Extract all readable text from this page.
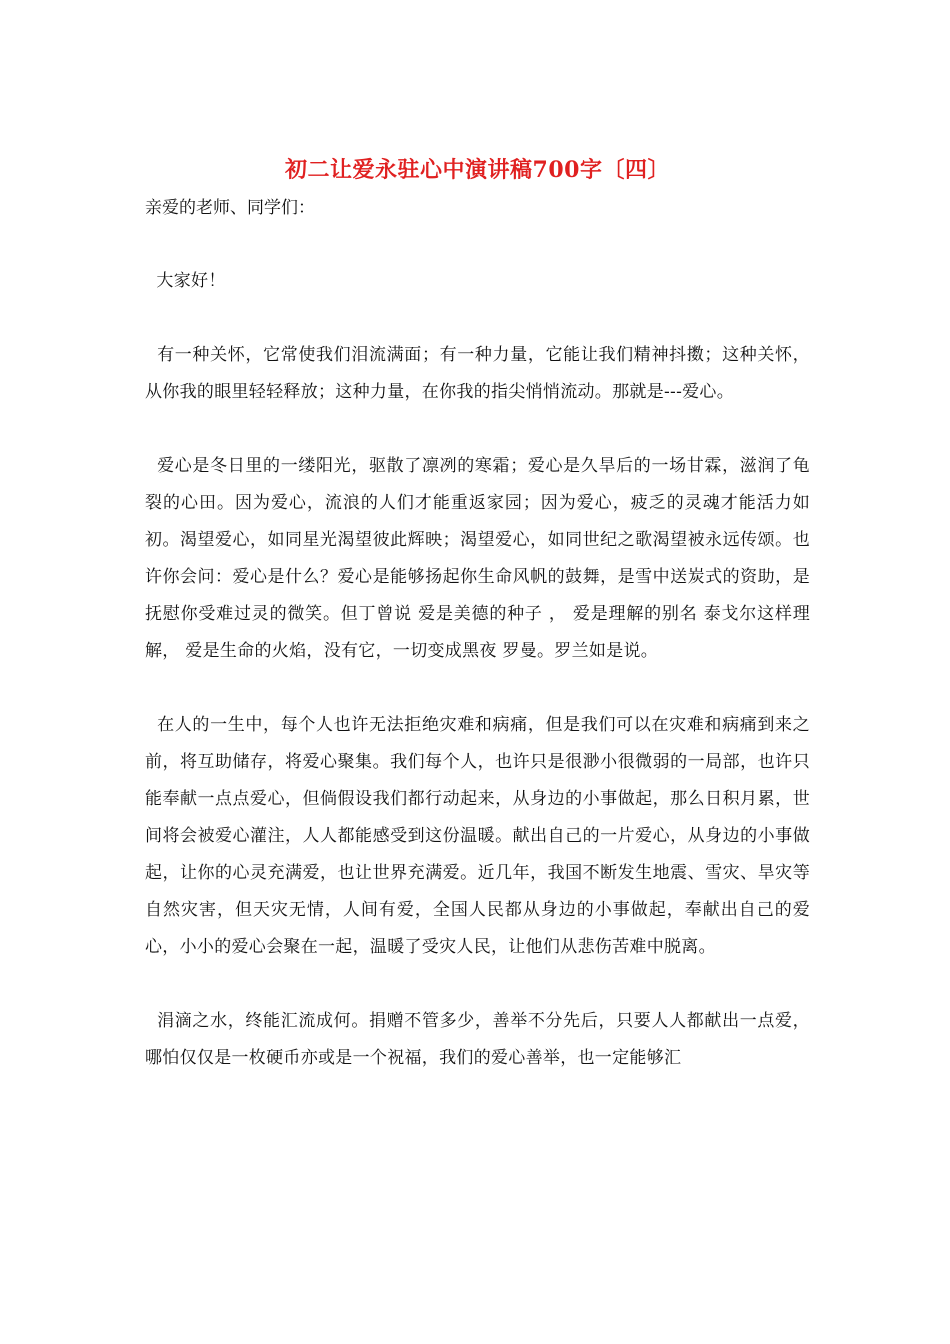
初二让爱永驻心中演讲稿700字〔四〕

亲爱的老师、同学们：

大家好！

有一种关怀，它常使我们泪流满面；有一种力量，它能让我们精神抖擞；这种关怀，从你我的眼里轻轻释放；这种力量，在你我的指尖悄悄流动。那就是---爱心。

爱心是冬日里的一缕阳光，驱散了凛冽的寒霜；爱心是久旱后的一场甘霖，滋润了龟裂的心田。因为爱心，流浪的人们才能重返家园；因为爱心，疲乏的灵魂才能活力如初。渴望爱心，如同星光渴望彼此辉映；渴望爱心，如同世纪之歌渴望被永远传颂。也许你会问：爱心是什么？爱心是能够扬起你生命风帆的鼓舞，是雪中送炭式的资助，是抚慰你受难过灵的微笑。但丁曾说 爱是美德的种子 ， 爱是理解的别名 泰戈尔这样理解， 爱是生命的火焰，没有它，一切变成黑夜 罗曼。罗兰如是说。

在人的一生中，每个人也许无法拒绝灾难和病痛，但是我们可以在灾难和病痛到来之前，将互助储存，将爱心聚集。我们每个人，也许只是很渺小很微弱的一局部，也许只能奉献一点点爱心，但倘假设我们都行动起来，从身边的小事做起，那么日积月累，世间将会被爱心灌注，人人都能感受到这份温暖。献出自己的一片爱心，从身边的小事做起，让你的心灵充满爱，也让世界充满爱。近几年，我国不断发生地震、雪灾、旱灾等自然灾害，但天灾无情，人间有爱，全国人民都从身边的小事做起，奉献出自己的爱心，小小的爱心会聚在一起，温暖了受灾人民，让他们从悲伤苦难中脱离。

涓滴之水，终能汇流成何。捐赠不管多少，善举不分先后，只要人人都献出一点爱，哪怕仅仅是一枚硬币亦或是一个祝福，我们的爱心善举，也一定能够汇
